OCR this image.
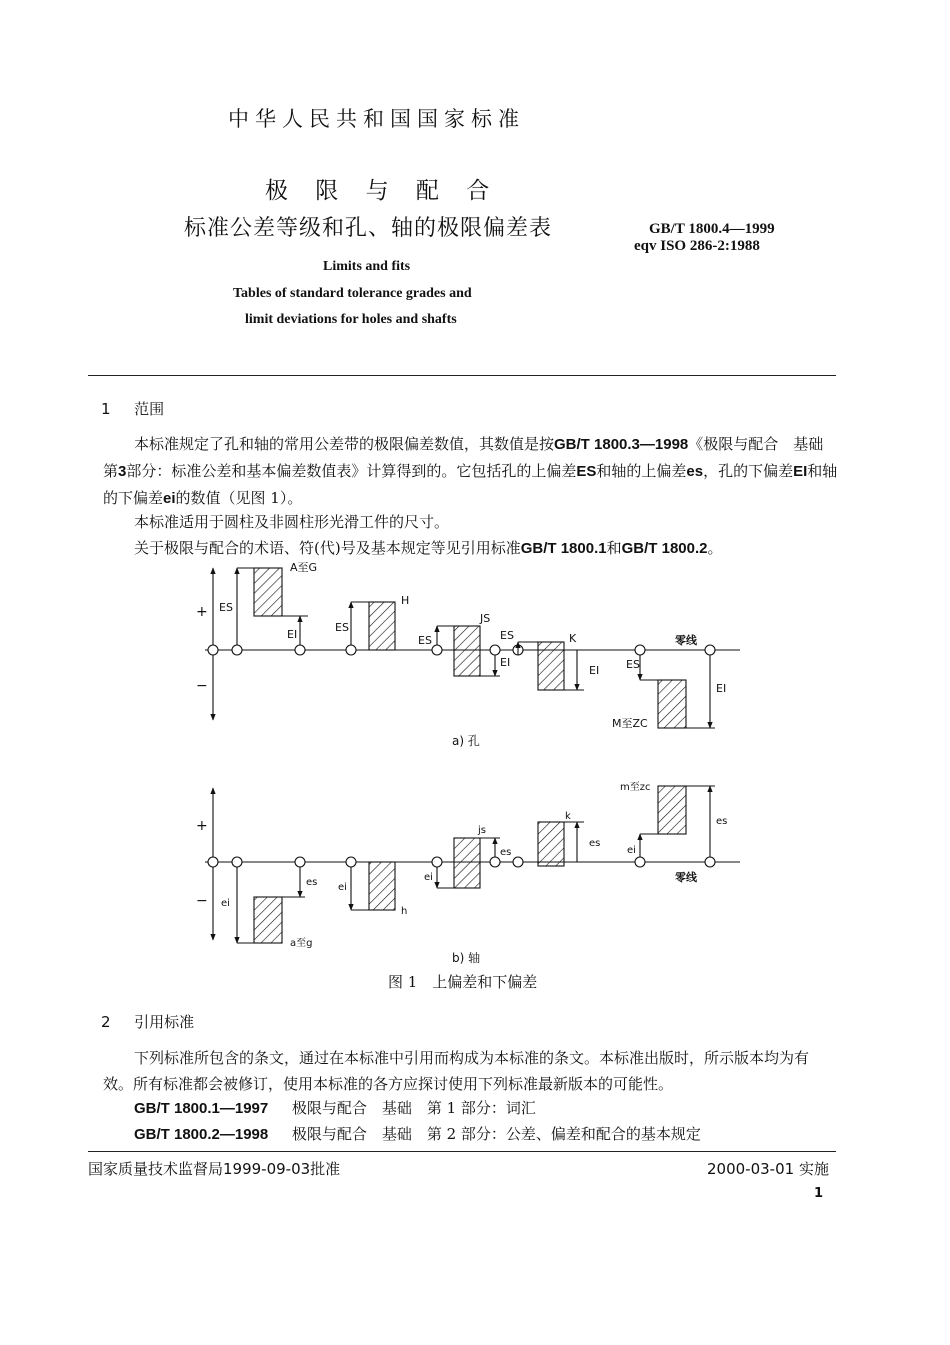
中华人民共和国国家标准
极 限 与 配 合
标准公差等级和孔、轴的极限偏差表	GB/T 1800.4—1999
eqv ISO 286-2:1988
Limits and fits
Tables of standard tolerance grades and
limit deviations for holes and shafts
1 范围

本标准规定了孔和轴的常用公差带的极限偏差数值，其数值是按GB/T 1800.3—1998《极限与配合　基础　第3部分：标准公差和基本偏差数值表》计算得到的。它包括孔的上偏差ES和轴的上偏差es，孔的下偏差EI和轴的下偏差ei的数值（见图 1）。

本标准适用于圆柱及非圆柱形光滑工件的尺寸。

关于极限与配合的术语、符(代)号及基本规定等见引用标准GB/T 1800.1和GB/T 1800.2。

+
−
A至G
ES
EI
H
ES
JS
ES
EI
K
ES
EI
零线
ES
EI
M至ZC
a) 孔
+
− ei
es
a至g
ei
h
js
ei
es
k
es
m至zc
ei
es
零线
b) 轴
图 1　上偏差和下偏差
2 引用标准

下列标准所包含的条文，通过在本标准中引用而构成为本标准的条文。本标准出版时，所示版本均为有效。所有标准都会被修订，使用本标准的各方应探讨使用下列标准最新版本的可能性。

GB/T 1800.1—1997 极限与配合　基础　第 1 部分：词汇
GB/T 1800.2—1998 极限与配合　基础　第 2 部分：公差、偏差和配合的基本规定
国家质量技术监督局1999-09-03批准	2000-03-01 实施
1
